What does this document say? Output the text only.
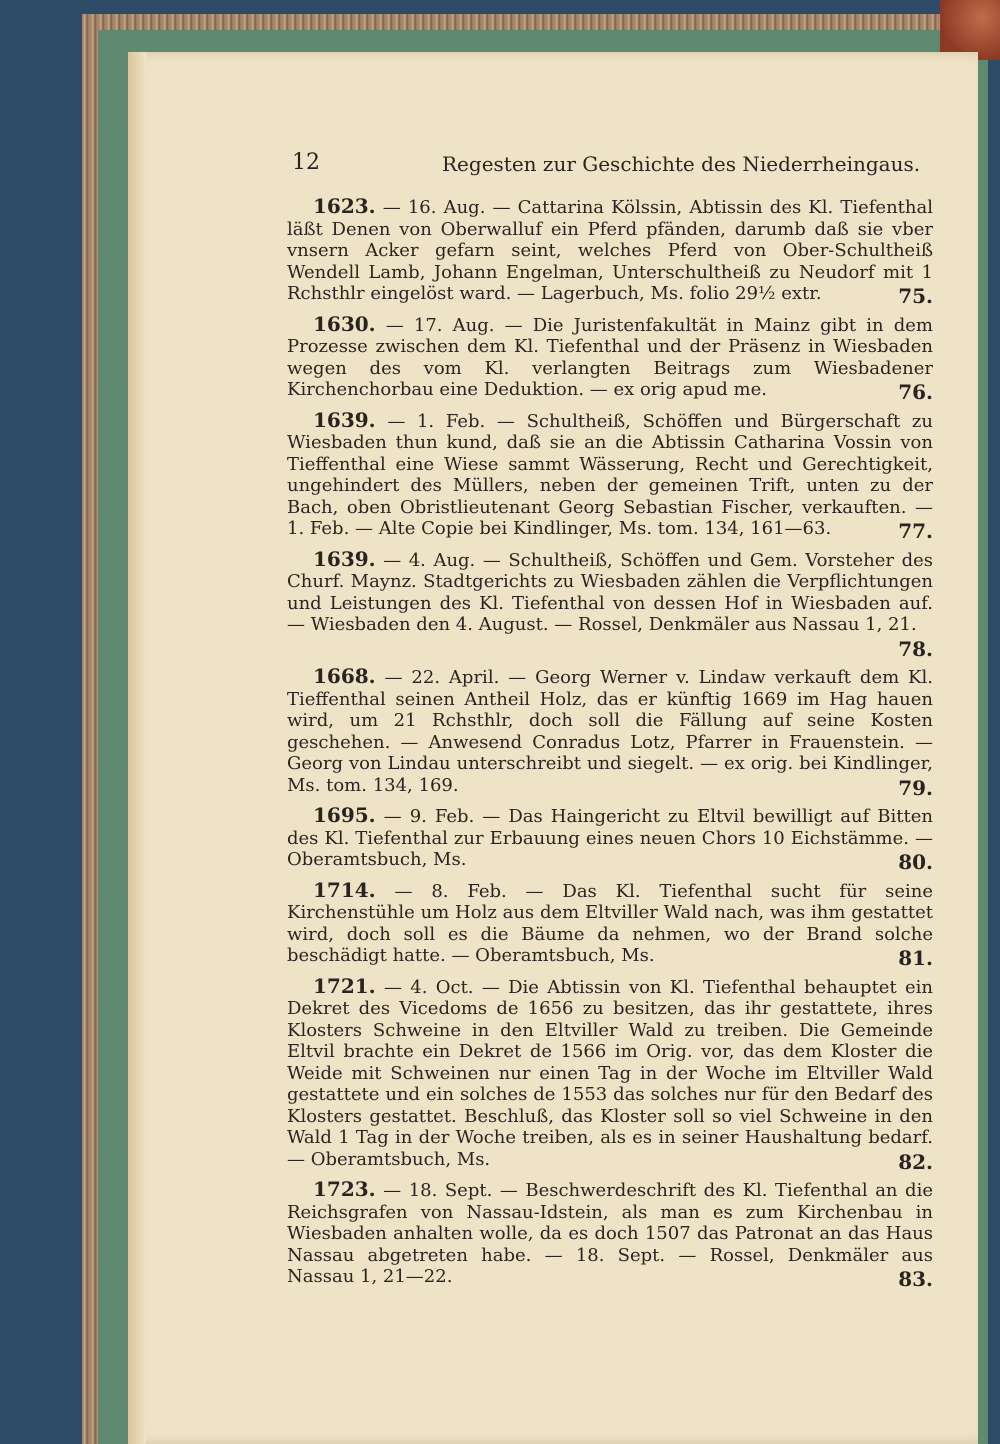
12	Regesten zur Geschichte des Niederrheingaus.
1623. — 16. Aug. — Cattarina Kölssin, Abtissin des Kl. Tiefenthal läßt Denen von Oberwalluf ein Pferd pfänden, darumb daß sie vber vnsern Acker gefarn seint, welches Pferd von Ober-Schultheiß Wendell Lamb, Johann Engelman, Unterschultheiß zu Neudorf mit 1 Rchsthlr eingelöst ward. — Lagerbuch, Ms. folio 29½ extr.	75.
1630. — 17. Aug. — Die Juristenfakultät in Mainz gibt in dem Prozesse zwischen dem Kl. Tiefenthal und der Präsenz in Wiesbaden wegen des vom Kl. verlangten Beitrags zum Wiesbadener Kirchenchorbau eine Deduktion. — ex orig apud me.	76.
1639. — 1. Feb. — Schultheiß, Schöffen und Bürgerschaft zu Wiesbaden thun kund, daß sie an die Abtissin Catharina Vossin von Tieffenthal eine Wiese sammt Wässerung, Recht und Gerechtigkeit, ungehindert des Müllers, neben der gemeinen Trift, unten zu der Bach, oben Obristlieutenant Georg Sebastian Fischer, verkauften. — 1. Feb. — Alte Copie bei Kindlinger, Ms. tom. 134, 161—63.	77.
1639. — 4. Aug. — Schultheiß, Schöffen und Gem. Vorsteher des Churf. Maynz. Stadtgerichts zu Wiesbaden zählen die Verpflichtungen und Leistungen des Kl. Tiefenthal von dessen Hof in Wiesbaden auf. — Wiesbaden den 4. August. — Rossel, Denkmäler aus Nassau 1, 21.
78.
1668. — 22. April. — Georg Werner v. Lindaw verkauft dem Kl. Tieffenthal seinen Antheil Holz, das er künftig 1669 im Hag hauen wird, um 21 Rchsthlr, doch soll die Fällung auf seine Kosten geschehen. — Anwesend Conradus Lotz, Pfarrer in Frauenstein. — Georg von Lindau unterschreibt und siegelt. — ex orig. bei Kindlinger, Ms. tom. 134, 169.	79.
1695. — 9. Feb. — Das Haingericht zu Eltvil bewilligt auf Bitten des Kl. Tiefenthal zur Erbauung eines neuen Chors 10 Eichstämme. — Oberamtsbuch, Ms.	80.
1714. — 8. Feb. — Das Kl. Tiefenthal sucht für seine Kirchenstühle um Holz aus dem Eltviller Wald nach, was ihm gestattet wird, doch soll es die Bäume da nehmen, wo der Brand solche beschädigt hatte. — Oberamtsbuch, Ms.	81.
1721. — 4. Oct. — Die Abtissin von Kl. Tiefenthal behauptet ein Dekret des Vicedoms de 1656 zu besitzen, das ihr gestattete, ihres Klosters Schweine in den Eltviller Wald zu treiben. Die Gemeinde Eltvil brachte ein Dekret de 1566 im Orig. vor, das dem Kloster die Weide mit Schweinen nur einen Tag in der Woche im Eltviller Wald gestattete und ein solches de 1553 das solches nur für den Bedarf des Klosters gestattet. Beschluß, das Kloster soll so viel Schweine in den Wald 1 Tag in der Woche treiben, als es in seiner Haushaltung bedarf. — Oberamtsbuch, Ms.	82.
1723. — 18. Sept. — Beschwerdeschrift des Kl. Tiefenthal an die Reichsgrafen von Nassau-Idstein, als man es zum Kirchenbau in Wiesbaden anhalten wolle, da es doch 1507 das Patronat an das Haus Nassau abgetreten habe. — 18. Sept. — Rossel, Denkmäler aus Nassau 1, 21—22.	83.
